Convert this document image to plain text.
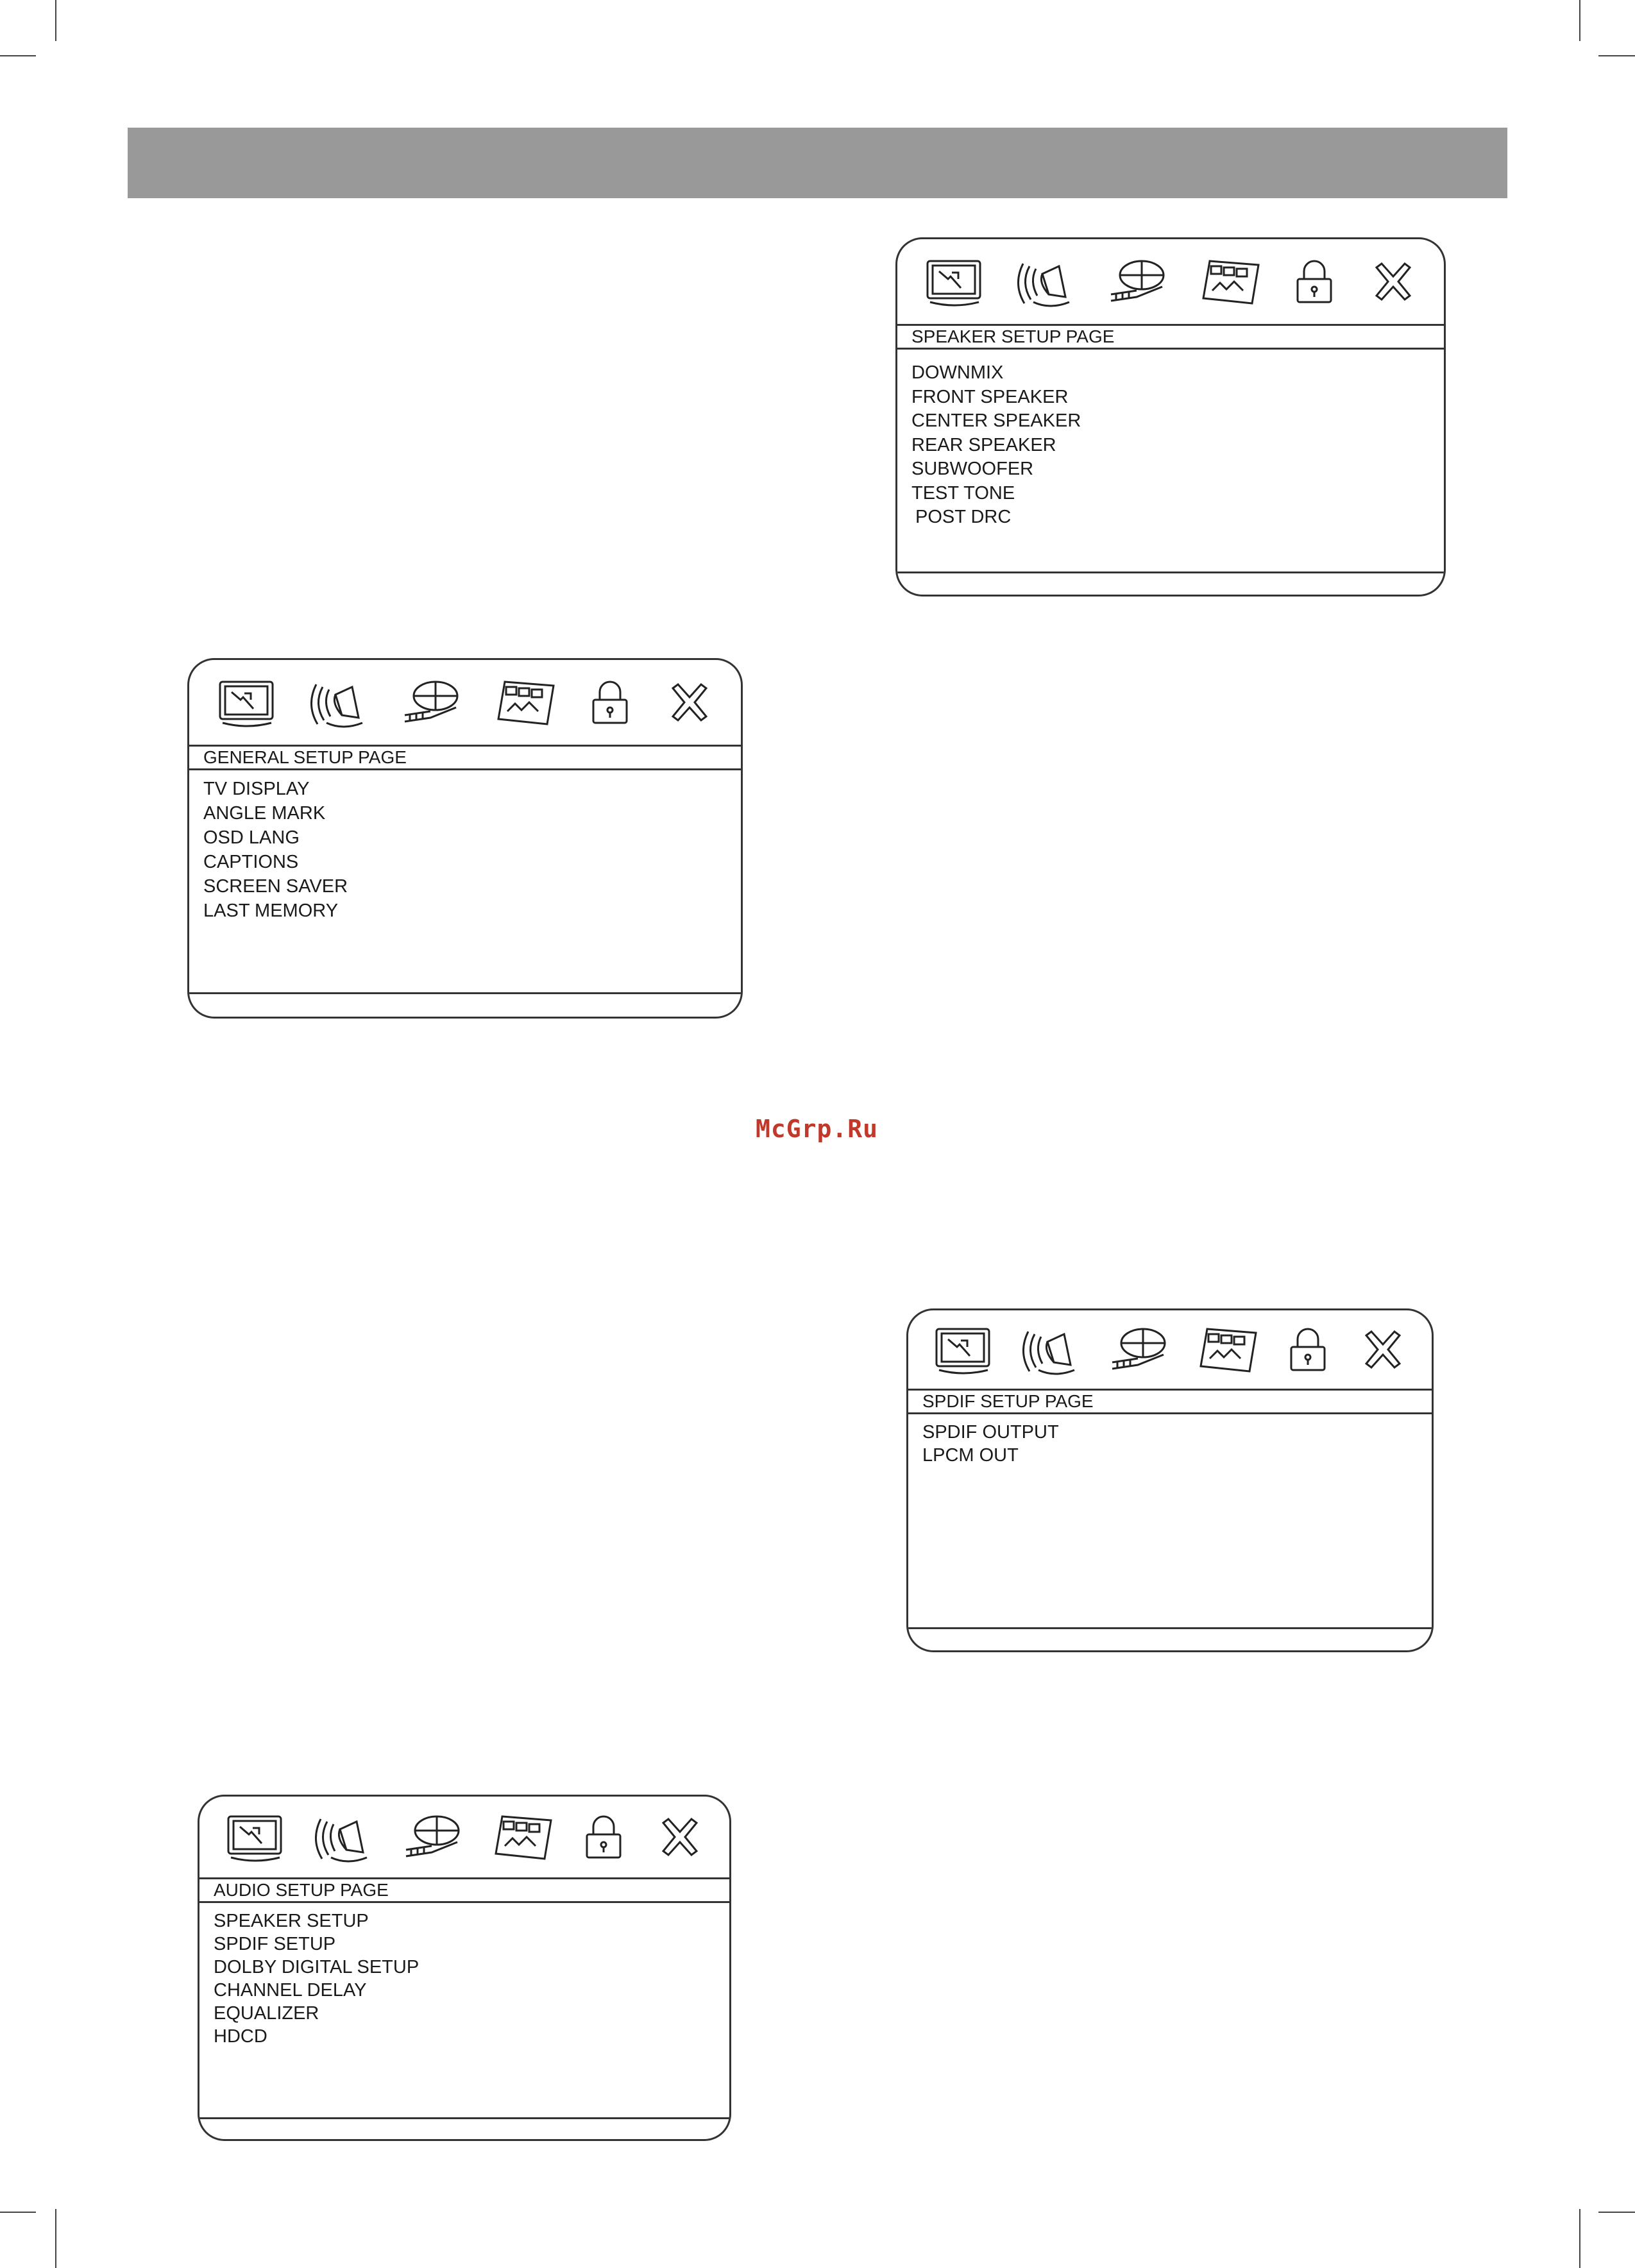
SPEAKER SETUP PAGE
DOWNMIX
FRONT SPEAKER
CENTER SPEAKER
REAR SPEAKER
SUBWOOFER
TEST TONE
POST DRC
GENERAL SETUP PAGE
TV DISPLAY
ANGLE MARK
OSD LANG
CAPTIONS
SCREEN SAVER
LAST MEMORY
SPDIF SETUP PAGE
SPDIF OUTPUT
LPCM OUT
AUDIO SETUP PAGE
SPEAKER SETUP
SPDIF SETUP
DOLBY DIGITAL SETUP
CHANNEL DELAY
EQUALIZER
HDCD
McGrp.Ru
